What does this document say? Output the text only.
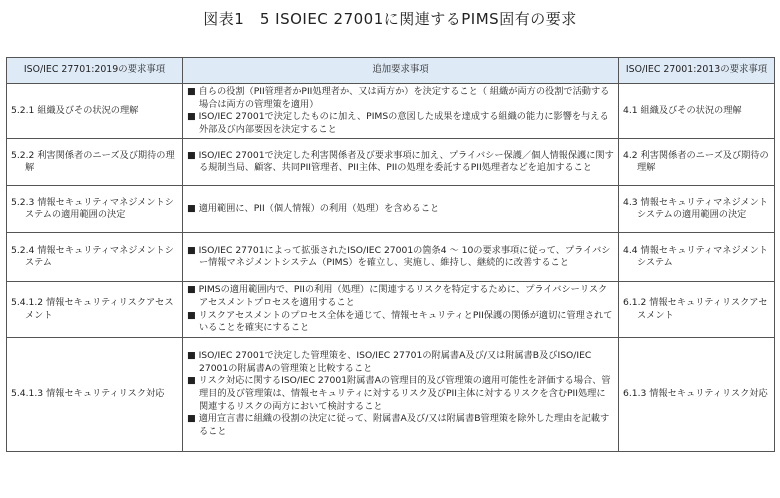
図表1　5 ISOIEC 27001に関連するPIMS固有の要求
ISO/IEC 27701:2019の要求事項	追加要求事項	ISO/IEC 27001:2013の要求事項

5.2.1 組織及びその状況の理解	■ 自らの役割（PII管理者かPII処理者か、又は両方か）を決定すること（ 組織が両方の役割で活動する場合は両方の管理策を適用）
■ ISO/IEC 27001で決定したものに加え、PIMSの意図した成果を達成する組織の能力に影響を与える外部及び内部要因を決定すること	4.1 組織及びその状況の理解

5.2.2 利害関係者のニーズ及び期待の理解	■ ISO/IEC 27001で決定した利害関係者及び要求事項に加え、プライバシー保護／個人情報保護に関する規制当局、顧客、共同PII管理者、PII主体、PIIの処理を委託するPII処理者などを追加すること	4.2 利害関係者のニーズ及び期待の理解

5.2.3 情報セキュリティマネジメントシステムの適用範囲の決定	■ 適用範囲に、PII（個人情報）の利用（処理）を含めること	4.3 情報セキュリティマネジメントシステムの適用範囲の決定

5.2.4 情報セキュリティマネジメントシステム	■ ISO/IEC 27701によって拡張されたISO/IEC 27001の箇条4 ～ 10の要求事項に従って、プライバシー情報マネジメントシステム（PIMS）を確立し、実施し、維持し、継続的に改善すること	4.4 情報セキュリティマネジメントシステム

5.4.1.2 情報セキュリティリスクアセスメント	■ PIMSの適用範囲内で、PIIの利用（処理）に関連するリスクを特定するために、プライバシーリスクアセスメントプロセスを適用すること
■ リスクアセスメントのプロセス全体を通じて、情報セキュリティとPII保護の関係が適切に管理されていることを確実にすること	6.1.2 情報セキュリティリスクアセスメント

5.4.1.3 情報セキュリティリスク対応	■ ISO/IEC 27001で決定した管理策を、ISO/IEC 27701の附属書A及び/又は附属書B及びISO/IEC 27001の附属書Aの管理策と比較すること
■ リスク対応に関するISO/IEC 27001附属書Aの管理目的及び管理策の適用可能性を評価する場合、管理目的及び管理策は、情報セキュリティに対するリスク及びPII主体に対するリスクを含むPII処理に関連するリスクの両方において検討すること
■ 適用宣言書に組織の役割の決定に従って、附属書A及び/又は附属書B管理策を除外した理由を記載すること	6.1.3 情報セキュリティリスク対応
